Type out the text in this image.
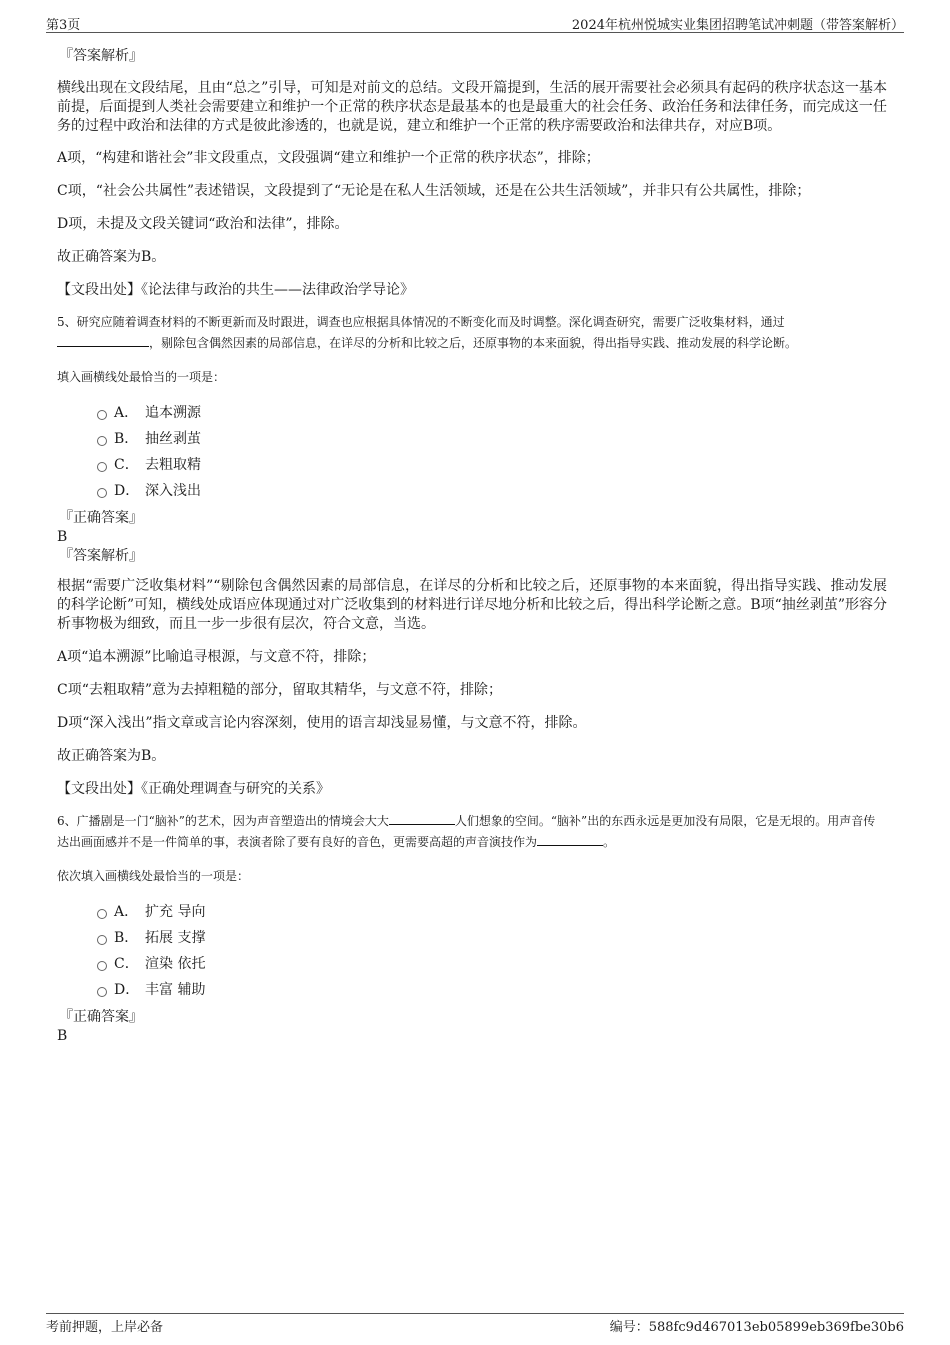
第3页	2024年杭州悦城实业集团招聘笔试冲刺题（带答案解析）

『答案解析』

横线出现在文段结尾，且由“总之”引导，可知是对前文的总结。文段开篇提到，生活的展开需要社会必须具有起码的秩序状态这一基本前提，后面提到人类社会需要建立和维护一个正常的秩序状态是最基本的也是最重大的社会任务、政治任务和法律任务，而完成这一任务的过程中政治和法律的方式是彼此渗透的，也就是说，建立和维护一个正常的秩序需要政治和法律共存，对应B项。

A项，“构建和谐社会”非文段重点，文段强调“建立和维护一个正常的秩序状态”，排除；

C项，“社会公共属性”表述错误，文段提到了“无论是在私人生活领域，还是在公共生活领域”，并非只有公共属性，排除；

D项，未提及文段关键词“政治和法律”，排除。

故正确答案为B。

【文段出处】《论法律与政治的共生——法律政治学导论》

5、研究应随着调查材料的不断更新而及时跟进，调查也应根据具体情况的不断变化而及时调整。深化调查研究，需要广泛收集材料，通过
，剔除包含偶然因素的局部信息，在详尽的分析和比较之后，还原事物的本来面貌，得出指导实践、推动发展的科学论断。

填入画横线处最恰当的一项是：

A． 追本溯源
B． 抽丝剥茧
C． 去粗取精
D． 深入浅出

『正确答案』

B

『答案解析』

根据“需要广泛收集材料”“剔除包含偶然因素的局部信息，在详尽的分析和比较之后，还原事物的本来面貌，得出指导实践、推动发展的科学论断”可知，横线处成语应体现通过对广泛收集到的材料进行详尽地分析和比较之后，得出科学论断之意。B项“抽丝剥茧”形容分析事物极为细致，而且一步一步很有层次，符合文意，当选。

A项“追本溯源”比喻追寻根源，与文意不符，排除；

C项“去粗取精”意为去掉粗糙的部分，留取其精华，与文意不符，排除；

D项“深入浅出”指文章或言论内容深刻，使用的语言却浅显易懂，与文意不符，排除。

故正确答案为B。

【文段出处】《正确处理调查与研究的关系》

6、广播剧是一门“脑补”的艺术，因为声音塑造出的情境会大大	人们想象的空间。“脑补”出的东西永远是更加没有局限，它是无垠的。用声音传达出画面感并不是一件简单的事，表演者除了要有良好的音色，更需要高超的声音演技作为	。

依次填入画横线处最恰当的一项是：

A． 扩充 导向
B． 拓展 支撑
C． 渲染 依托
D． 丰富 辅助

『正确答案』

B

考前押题，上岸必备	编号：588fc9d467013eb05899eb369fbe30b6
